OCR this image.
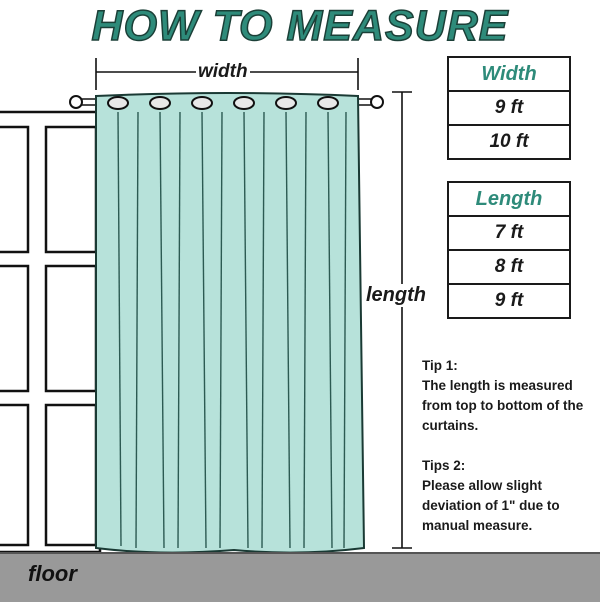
HOW TO MEASURE
width
length
Width
9 ft
10 ft
Length
7 ft
8 ft
9 ft
Tip 1:
The length is measured from top to bottom of the curtains.
Tips 2:
Please allow slight deviation of 1" due to manual measure.
floor
